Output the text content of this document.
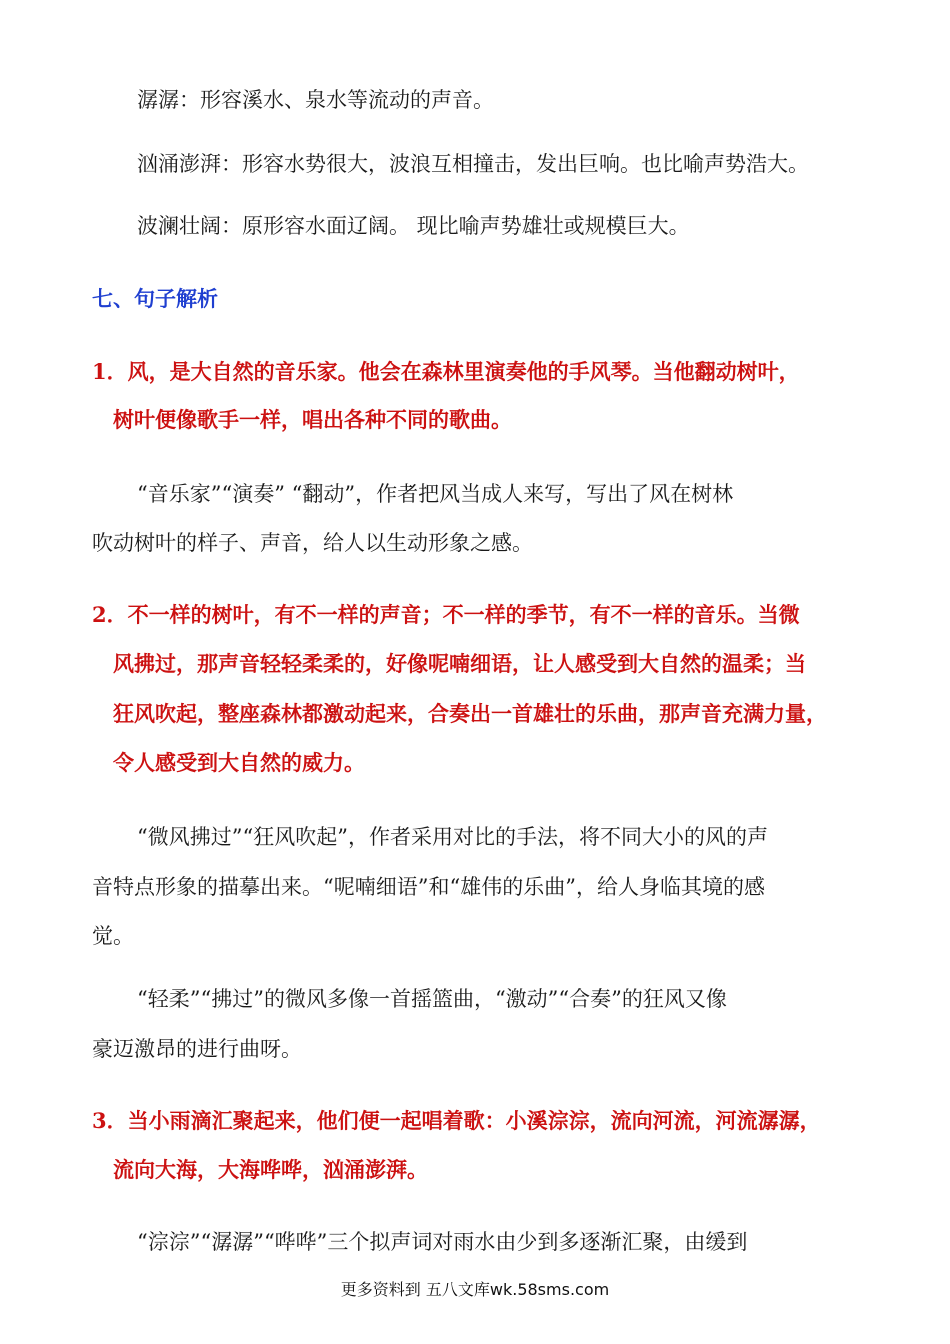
潺潺：形容溪水、泉水等流动的声音。
汹涌澎湃：形容水势很大，波浪互相撞击，发出巨响。也比喻声势浩大。
波澜壮阔：原形容水面辽阔。 现比喻声势雄壮或规模巨大。
七、句子解析
1．风，是大自然的音乐家。他会在森林里演奏他的手风琴。当他翻动树叶，
树叶便像歌手一样，唱出各种不同的歌曲。
“音乐家”“演奏” “翻动”，作者把风当成人来写，写出了风在树林
吹动树叶的样子、声音，给人以生动形象之感。
2．不一样的树叶，有不一样的声音；不一样的季节，有不一样的音乐。当微
风拂过，那声音轻轻柔柔的，好像呢喃细语，让人感受到大自然的温柔；当
狂风吹起，整座森林都激动起来，合奏出一首雄壮的乐曲，那声音充满力量，
令人感受到大自然的威力。
“微风拂过”“狂风吹起”，作者采用对比的手法，将不同大小的风的声
音特点形象的描摹出来。“呢喃细语”和“雄伟的乐曲”，给人身临其境的感
觉。
“轻柔”“拂过”的微风多像一首摇篮曲，“激动”“合奏”的狂风又像
豪迈激昂的进行曲呀。
3．当小雨滴汇聚起来，他们便一起唱着歌：小溪淙淙，流向河流，河流潺潺，
流向大海，大海哗哗，汹涌澎湃。
“淙淙”“潺潺”“哗哗”三个拟声词对雨水由少到多逐渐汇聚，由缓到
更多资料到 五八文库wk.58sms.com
